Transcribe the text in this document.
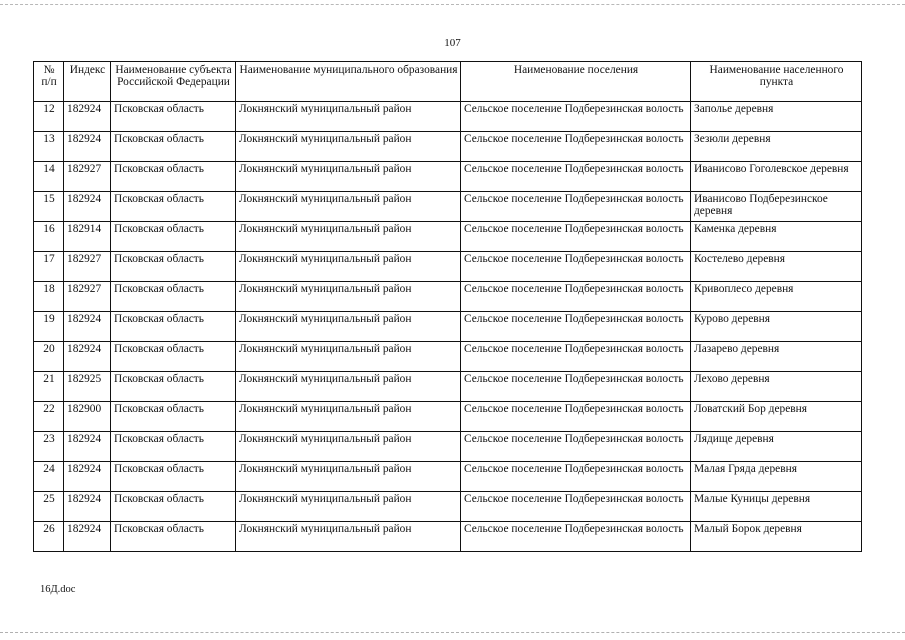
107
№
п/п	Индекс	Наименование субъекта Российской Федерации	Наименование муниципального образования	Наименование поселения	Наименование населенного пункта
12	182924	Псковская область	Локнянский муниципальный район	Сельское поселение Подберезинская волость	Заполье деревня
13	182924	Псковская область	Локнянский муниципальный район	Сельское поселение Подберезинская волость	Зезюли деревня
14	182927	Псковская область	Локнянский муниципальный район	Сельское поселение Подберезинская волость	Иванисово Гоголевское деревня
15	182924	Псковская область	Локнянский муниципальный район	Сельское поселение Подберезинская волость	Иванисово Подберезинское деревня
16	182914	Псковская область	Локнянский муниципальный район	Сельское поселение Подберезинская волость	Каменка деревня
17	182927	Псковская область	Локнянский муниципальный район	Сельское поселение Подберезинская волость	Костелево деревня
18	182927	Псковская область	Локнянский муниципальный район	Сельское поселение Подберезинская волость	Кривоплесо деревня
19	182924	Псковская область	Локнянский муниципальный район	Сельское поселение Подберезинская волость	Курово деревня
20	182924	Псковская область	Локнянский муниципальный район	Сельское поселение Подберезинская волость	Лазарево деревня
21	182925	Псковская область	Локнянский муниципальный район	Сельское поселение Подберезинская волость	Лехово деревня
22	182900	Псковская область	Локнянский муниципальный район	Сельское поселение Подберезинская волость	Ловатский Бор деревня
23	182924	Псковская область	Локнянский муниципальный район	Сельское поселение Подберезинская волость	Лядище деревня
24	182924	Псковская область	Локнянский муниципальный район	Сельское поселение Подберезинская волость	Малая Гряда деревня
25	182924	Псковская область	Локнянский муниципальный район	Сельское поселение Подберезинская волость	Малые Куницы деревня
26	182924	Псковская область	Локнянский муниципальный район	Сельское поселение Подберезинская волость	Малый Борок деревня
16Д.doc
